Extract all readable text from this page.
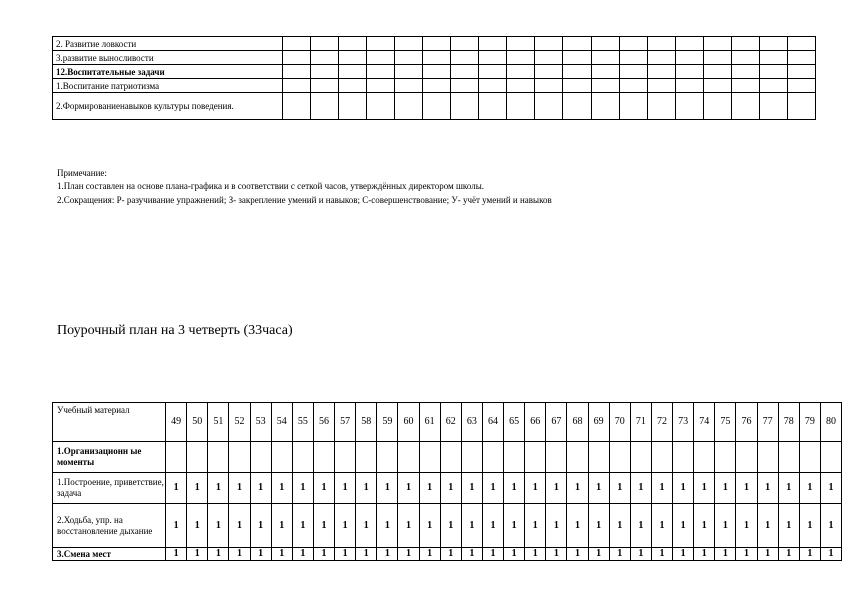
2. Развитие ловкости																			
3.развитие выносливости																			
12.Воспитательные задачи																			
1.Воспитание патриотизма																			
2.Формированиенавыков культуры поведения.																			
Примечание:
1.План составлен на основе плана-графика и в соответствии с сеткой часов, утверждённых директором школы.
2.Сокращения: Р- разучивание упражнений; З- закрепление умений и навыков; С-совершенствование; У- учёт умений и навыков
Поурочный план на 3 четверть (33часа)
Учебный материал	49	50	51	52	53	54	55	56	57	58	59	60	61	62	63	64	65	66	67	68	69	70	71	72	73	74	75	76	77	78	79	80
1.Организационн ые моменты																																
1.Построение, приветствие, задача	1	1	1	1	1	1	1	1	1	1	1	1	1	1	1	1	1	1	1	1	1	1	1	1	1	1	1	1	1	1	1	1
2.Ходьба, упр. на восстановление дыхание	1	1	1	1	1	1	1	1	1	1	1	1	1	1	1	1	1	1	1	1	1	1	1	1	1	1	1	1	1	1	1	1
3.Смена мест	1	1	1	1	1	1	1	1	1	1	1	1	1	1	1	1	1	1	1	1	1	1	1	1	1	1	1	1	1	1	1	1
